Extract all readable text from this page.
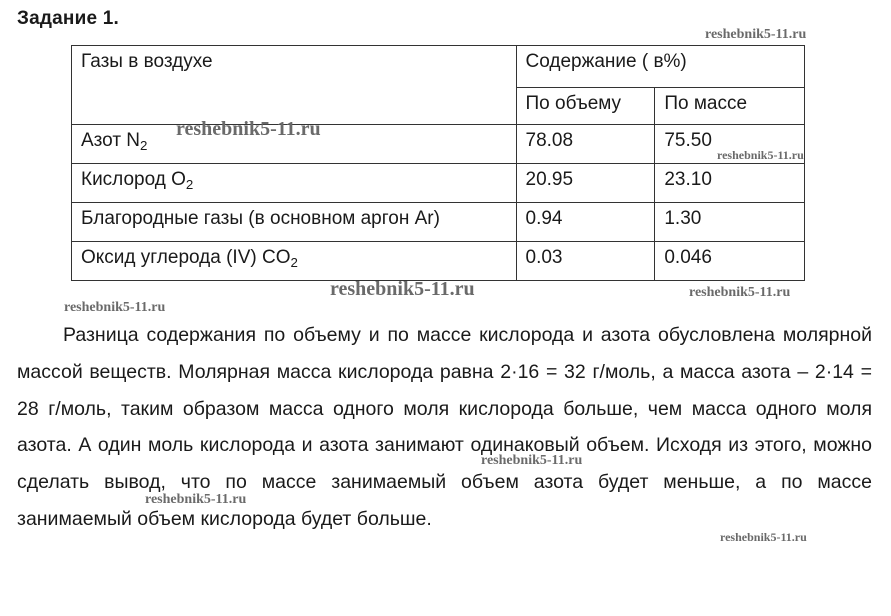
Задание 1.
Газы в воздухе	Содержание ( в%)	
	По объему	По массе
Азот $N_2$	78.08	75.50
Кислород $O_2$	20.95	23.10
Благородные газы (в основном аргон Ar)	0.94	1.30
Оксид углерода (IV) $CO_2$	0.03	0.046

Разница содержания по объему и по массе кислорода и азота обусловлена молярной массой веществ. Молярная масса кислорода равна 2·16 = 32 г/моль, а масса азота – 2·14 = 28 г/моль, таким образом масса одного моля кислорода больше, чем масса одного моля азота. А один моль кислорода и азота занимают одинаковый объем. Исходя из этого, можно сделать вывод, что по массе занимаемый объем азота будет меньше, а по массе занимаемый объем кислорода будет больше.

reshebnik5-11.ru
reshebnik5-11.ru
reshebnik5-11.ru
reshebnik5-11.ru	reshebnik5-11.ru
reshebnik5-11.ru
reshebnik5-11.ru
reshebnik5-11.ru
reshebnik5-11.ru
